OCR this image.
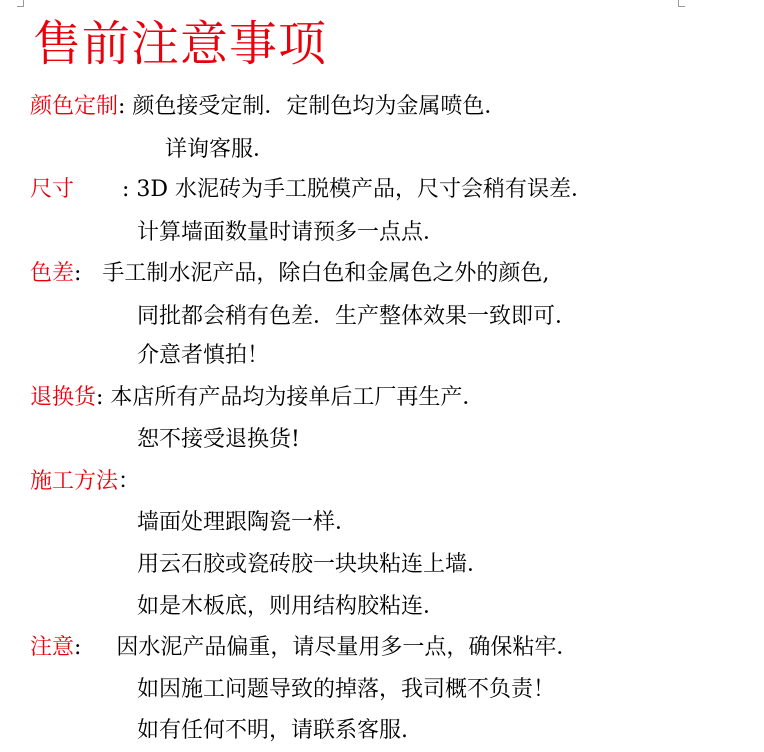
售前注意事项
颜色定制: 颜色接受定制．定制色均为金属喷色．
详询客服．
尺寸 : 3D 水泥砖为手工脱模产品，尺寸会稍有误差．
计算墙面数量时请预多一点点．
色差:   手工制水泥产品，除白色和金属色之外的颜色,
同批都会稍有色差．生产整体效果一致即可．
介意者慎拍！
退换货: 本店所有产品均为接单后工厂再生产．
恕不接受退换货!
施工方法：
墙面处理跟陶瓷一样．
用云石胶或瓷砖胶一块块粘连上墙．
如是木板底，则用结构胶粘连．
注意:     因水泥产品偏重，请尽量用多一点，确保粘牢．
如因施工问题导致的掉落，我司概不负责！
如有任何不明，请联系客服.
